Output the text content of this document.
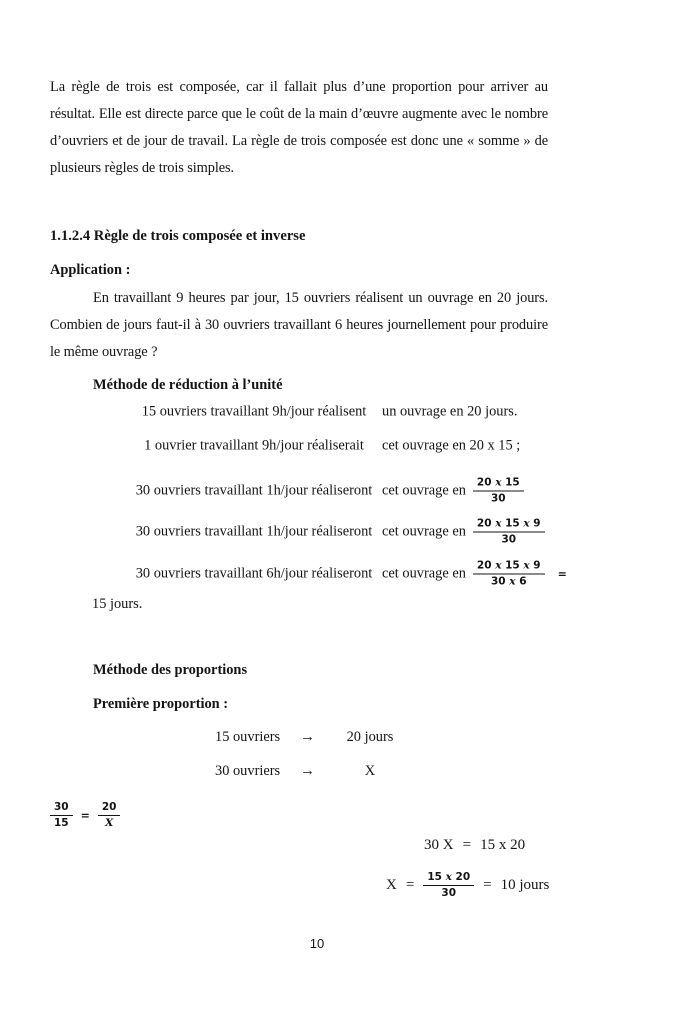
La règle de trois est composée, car il fallait plus d’une proportion pour arriver au résultat. Elle est directe parce que le coût de la main d’œuvre augmente avec le nombre d’ouvriers et de jour de travail. La règle de trois composée est donc une « somme » de plusieurs règles de trois simples.

1.1.2.4 Règle de trois composée et inverse
Application :

En travaillant 9 heures par jour, 15 ouvriers réalisent un ouvrage en 20 jours. Combien de jours faut-il à 30 ouvriers travaillant 6 heures journellement pour produire le même ouvrage ?

Méthode de réduction à l’unité
15 ouvriers travaillant 9h/jour réalisent	un ouvrage en 20 jours.
1 ouvrier travaillant 9h/jour réaliserait	cet ouvrage en 20 x 15 ;
30 ouvriers travaillant 1h/jour réaliseront cet ouvrage en $\frac{20 x 15}{30}$
30 ouvriers travaillant 1h/jour réaliseront cet ouvrage en $\frac{20 x 15 x 9}{30}$
30 ouvriers travaillant 6h/jour réaliseront cet ouvrage en $\frac{20 x 15 x 9}{30 x 6}$ =
15 jours.
Méthode des proportions
Première proportion :
15 ouvriers →	20 jours
30 ouvriers →	X
$\frac{30}{15} = \frac{20}{X}$
30 X = 15 x 20
$X = \frac{15 x 20}{30} = 10$ jours
10
